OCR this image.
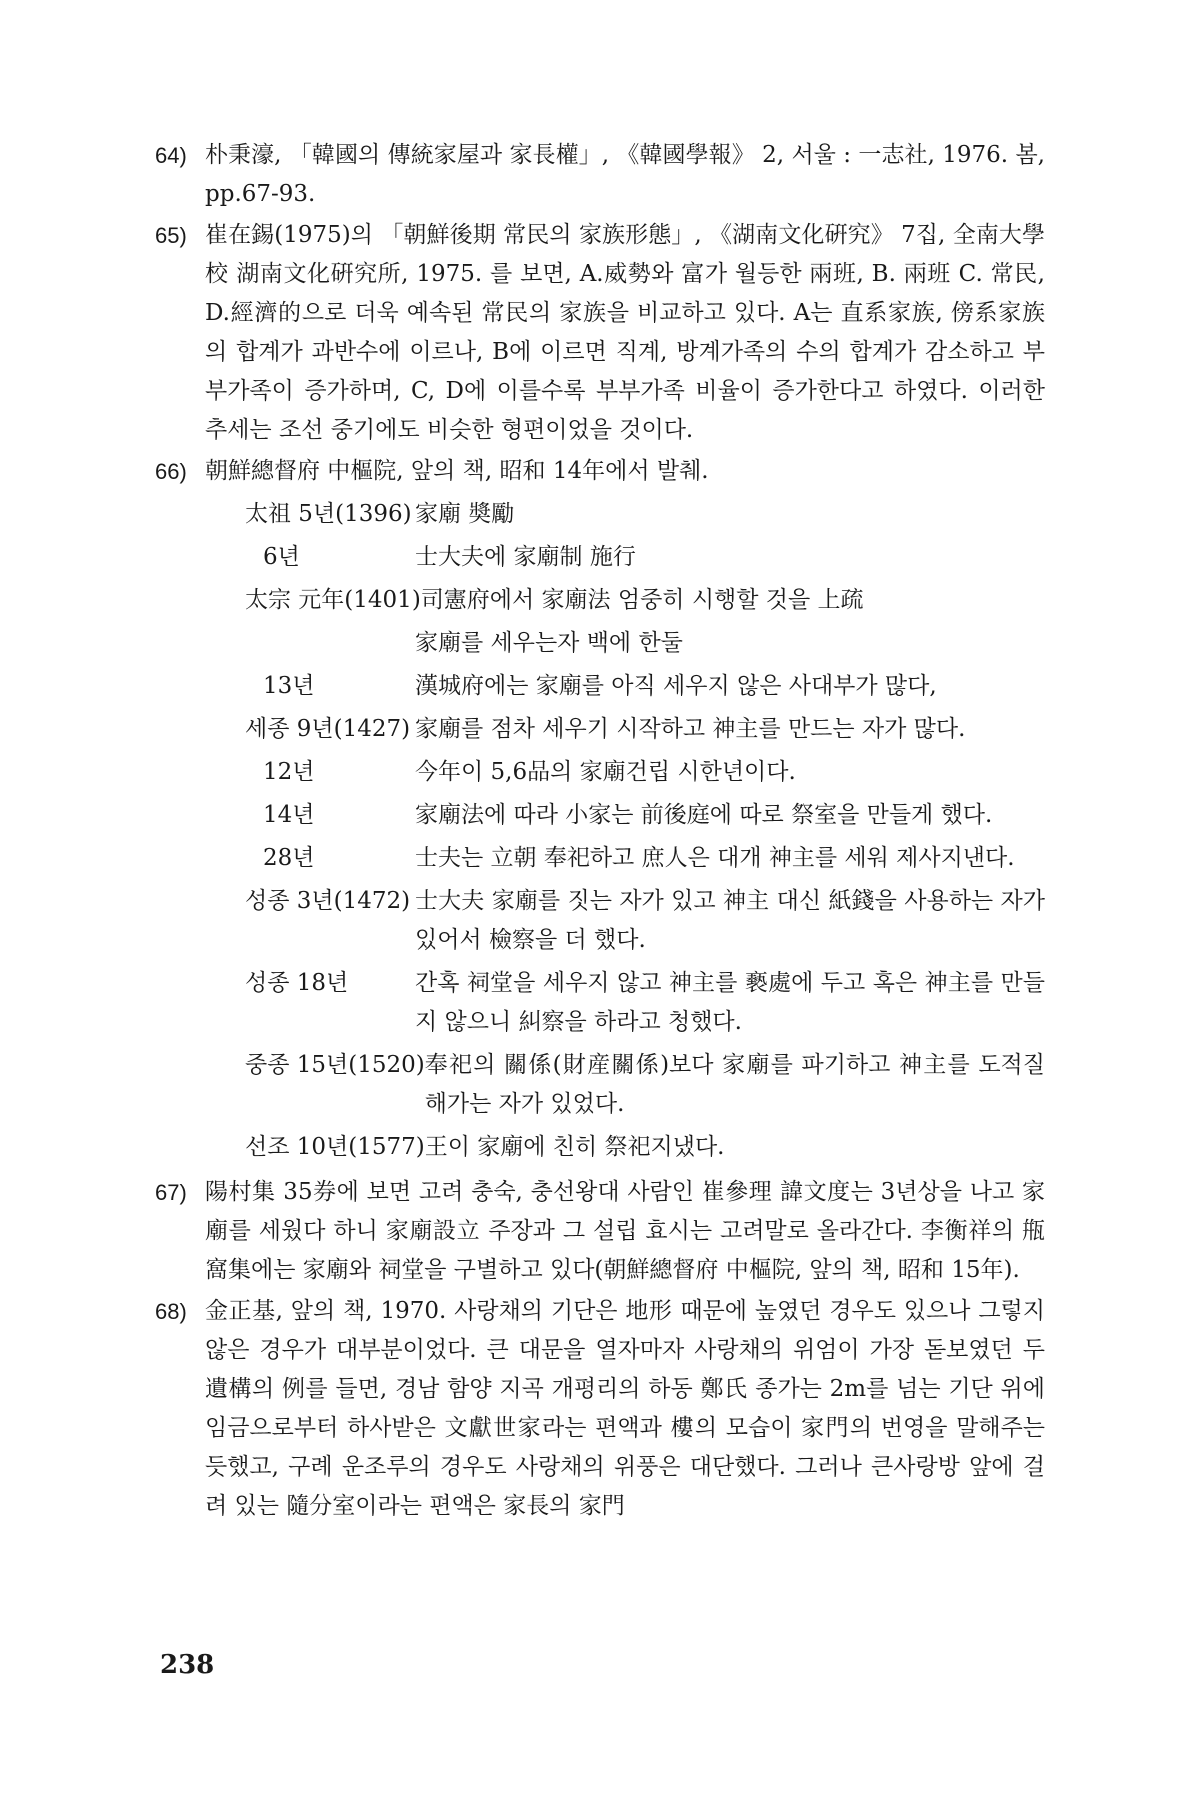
64) 朴秉濠, 「韓國의 傳統家屋과 家長權」, 《韓國學報》 2, 서울 : 一志社, 1976. 봄, pp.67-93.
65) 崔在錫(1975)의 「朝鮮後期 常民의 家族形態」, 《湖南文化硏究》 7집, 全南大學校 湖南文化硏究所, 1975. 를 보면, A.威勢와 富가 월등한 兩班, B. 兩班 C. 常民, D.經濟的으로 더욱 예속된 常民의 家族을 비교하고 있다. A는 直系家族, 傍系家族의 합계가 과반수에 이르나, B에 이르면 직계, 방계가족의 수의 합계가 감소하고 부부가족이 증가하며, C, D에 이를수록 부부가족 비율이 증가한다고 하였다. 이러한 추세는 조선 중기에도 비슷한 형편이었을 것이다.
66) 朝鮮總督府 中樞院, 앞의 책, 昭和 14年에서 발췌.
太祖 5년(1396) 家廟 奬勵
6년	士大夫에 家廟制 施行
太宗 元年(1401) 司憲府에서 家廟法 엄중히 시행할 것을 上疏
家廟를 세우는자 백에 한둘
13년	漢城府에는 家廟를 아직 세우지 않은 사대부가 많다,
세종 9년(1427) 家廟를 점차 세우기 시작하고 神主를 만드는 자가 많다.
12년	今年이 5,6品의 家廟건립 시한년이다.
14년	家廟法에 따라 小家는 前後庭에 따로 祭室을 만들게 했다.
28년	士夫는 立朝 奉祀하고 庶人은 대개 神主를 세워 제사지낸다.
성종 3년(1472) 士大夫 家廟를 짓는 자가 있고 神主 대신 紙錢을 사용하는 자가 있어서 檢察을 더 했다.
성종 18년	간혹 祠堂을 세우지 않고 神主를 褻處에 두고 혹은 神主를 만들지 않으니 糾察을 하라고 청했다.
중종 15년(1520) 奉祀의 關係(財産關係)보다 家廟를 파기하고 神主를 도적질 해가는 자가 있었다.
선조 10년(1577) 王이 家廟에 친히 祭祀지냈다.
67) 陽村集 35券에 보면 고려 충숙, 충선왕대 사람인 崔參理 諱文度는 3년상을 나고 家廟를 세웠다 하니 家廟設立 주장과 그 설립 효시는 고려말로 올라간다. 李衡祥의 甁窩集에는 家廟와 祠堂을 구별하고 있다(朝鮮總督府 中樞院, 앞의 책, 昭和 15年).
68) 金正基, 앞의 책, 1970. 사랑채의 기단은 地形 때문에 높였던 경우도 있으나 그렇지 않은 경우가 대부분이었다. 큰 대문을 열자마자 사랑채의 위엄이 가장 돋보였던 두 遺構의 例를 들면, 경남 함양 지곡 개평리의 하동 鄭氏 종가는 2m를 넘는 기단 위에 임금으로부터 하사받은 文獻世家라는 편액과 樓의 모습이 家門의 번영을 말해주는 듯했고, 구례 운조루의 경우도 사랑채의 위풍은 대단했다. 그러나 큰사랑방 앞에 걸려 있는 隨分室이라는 편액은 家長의 家門
238
